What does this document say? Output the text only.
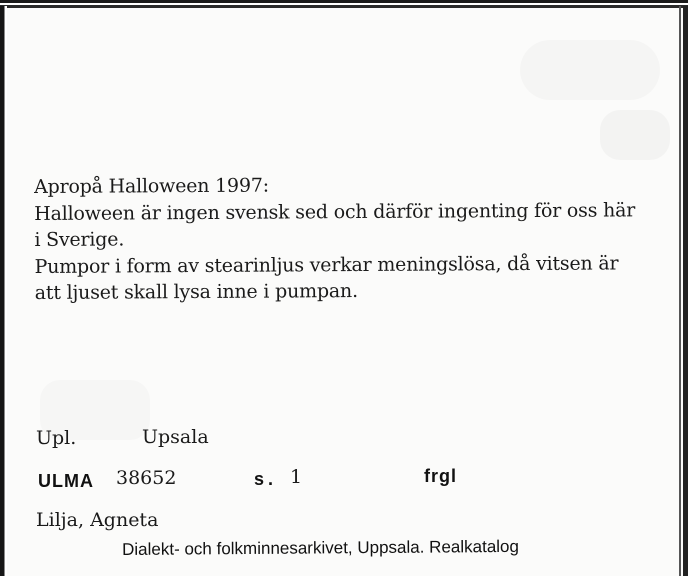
Apropå Halloween 1997:
Halloween är ingen svensk sed och därför ingenting för oss här
i Sverige.
Pumpor i form av stearinljus verkar meningslösa, då vitsen är
att ljuset skall lysa inne i pumpan.
Upl.	Upsala
ULMA 38652	s. 1	frgl
Lilja, Agneta
Dialekt- och folkminnesarkivet, Uppsala. Realkatalog
